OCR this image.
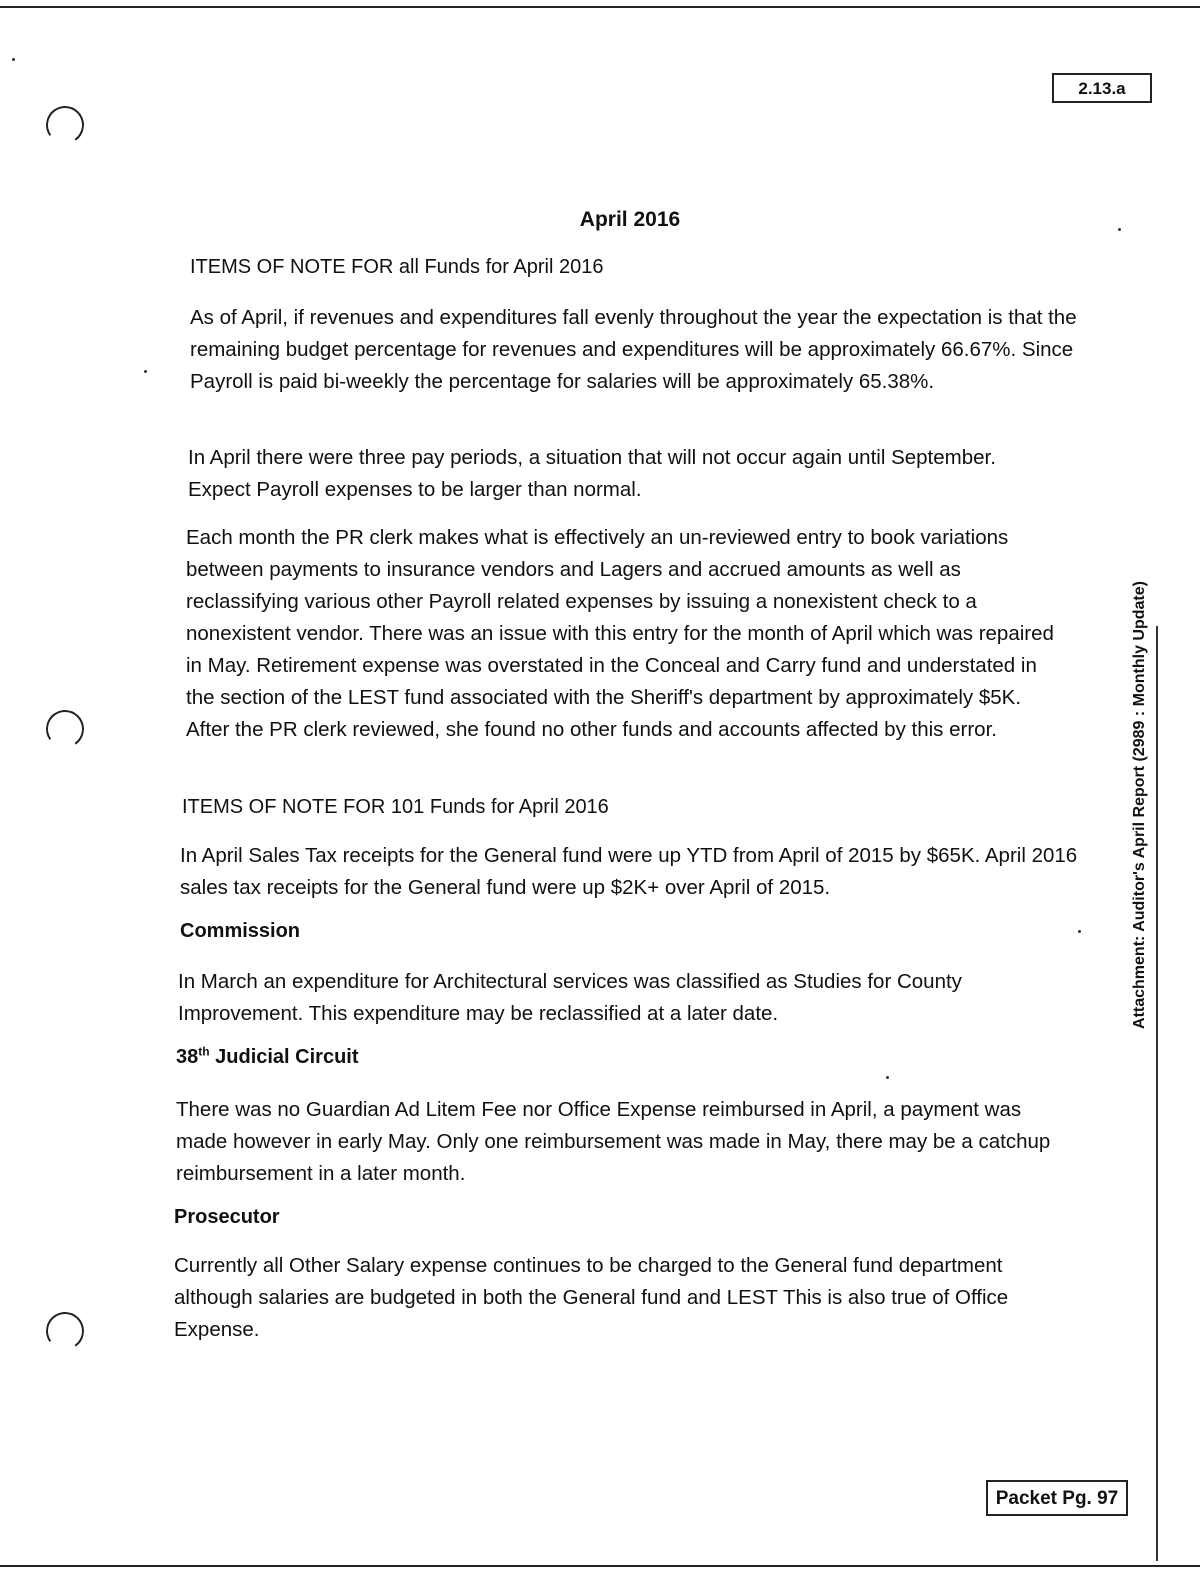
2.13.a
Attachment: Auditor's April Report (2989 : Monthly Update)
April 2016

ITEMS OF NOTE FOR all Funds for April 2016

As of April, if revenues and expenditures fall evenly throughout the year the expectation is that the remaining budget percentage for revenues and expenditures will be approximately 66.67%. Since Payroll is paid bi-weekly the percentage for salaries will be approximately 65.38%.

In April there were three pay periods, a situation that will not occur again until September. Expect Payroll expenses to be larger than normal.

Each month the PR clerk makes what is effectively an un-reviewed entry to book variations between payments to insurance vendors and Lagers and accrued amounts as well as reclassifying various other Payroll related expenses by issuing a nonexistent check to a nonexistent vendor. There was an issue with this entry for the month of April which was repaired in May. Retirement expense was overstated in the Conceal and Carry fund and understated in the section of the LEST fund associated with the Sheriff's department by approximately $5K. After the PR clerk reviewed, she found no other funds and accounts affected by this error.

ITEMS OF NOTE FOR 101 Funds for April 2016

In April Sales Tax receipts for the General fund were up YTD from April of 2015 by $65K. April 2016 sales tax receipts for the General fund were up $2K+ over April of 2015.

Commission

In March an expenditure for Architectural services was classified as Studies for County Improvement. This expenditure may be reclassified at a later date.

38th Judicial Circuit

There was no Guardian Ad Litem Fee nor Office Expense reimbursed in April, a payment was made however in early May. Only one reimbursement was made in May, there may be a catchup reimbursement in a later month.

Prosecutor

Currently all Other Salary expense continues to be charged to the General fund department although salaries are budgeted in both the General fund and LEST This is also true of Office Expense.

Packet Pg. 97
